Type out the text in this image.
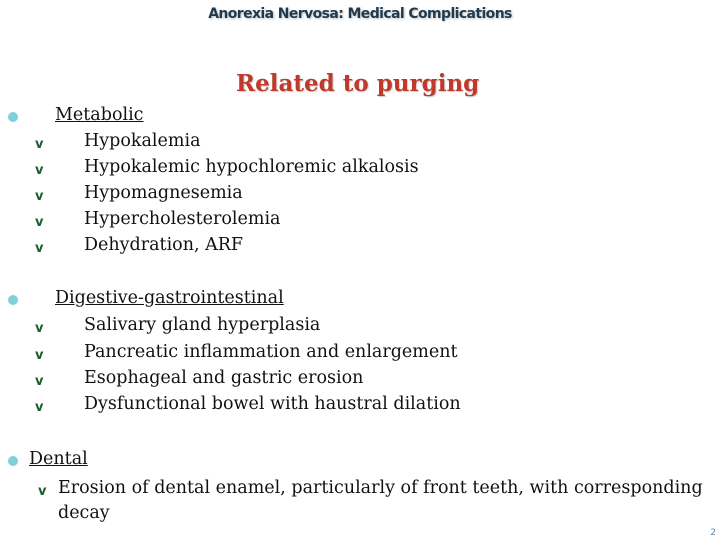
Anorexia Nervosa: Medical Complications
Related to purging
Metabolic
v Hypokalemia
v Hypokalemic hypochloremic alkalosis
v Hypomagnesemia
v Hypercholesterolemia
v Dehydration, ARF
Digestive-gastrointestinal
v Salivary gland hyperplasia
v Pancreatic inflammation and enlargement
v Esophageal and gastric erosion
v Dysfunctional bowel with haustral dilation
Dental
v Erosion of dental enamel, particularly of front teeth, with corresponding
decay
2
